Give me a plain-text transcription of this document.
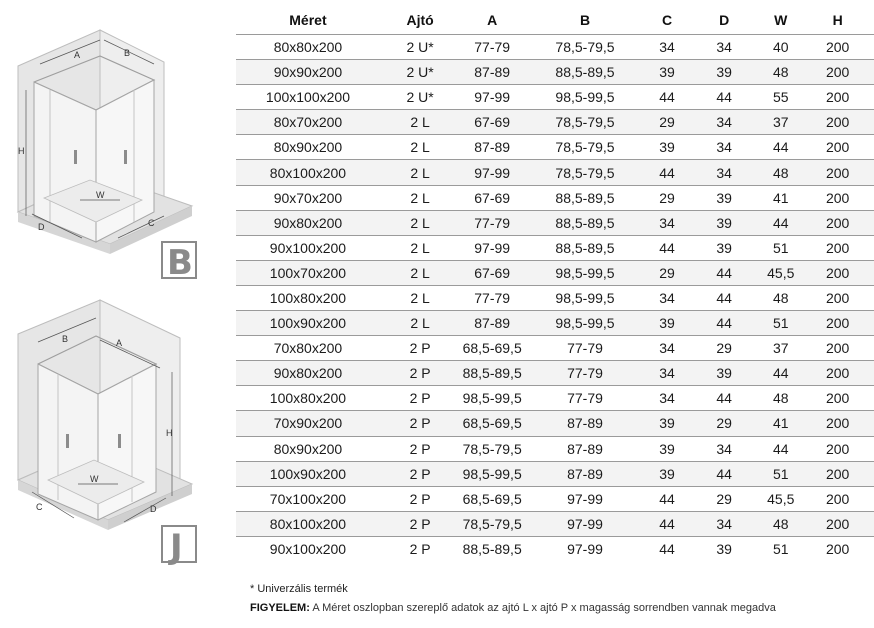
A	B
H
W
D	C
B
B	A
H
W
C	D
J
Méret	Ajtó	A	B	C	D	W	H
80x80x200	2 U*	77-79	78,5-79,5	34	34	40	200
90x90x200	2 U*	87-89	88,5-89,5	39	39	48	200
100x100x200	2 U*	97-99	98,5-99,5	44	44	55	200
80x70x200	2 L	67-69	78,5-79,5	29	34	37	200
80x90x200	2 L	87-89	78,5-79,5	39	34	44	200
80x100x200	2 L	97-99	78,5-79,5	44	34	48	200
90x70x200	2 L	67-69	88,5-89,5	29	39	41	200
90x80x200	2 L	77-79	88,5-89,5	34	39	44	200
90x100x200	2 L	97-99	88,5-89,5	44	39	51	200
100x70x200	2 L	67-69	98,5-99,5	29	44	45,5	200
100x80x200	2 L	77-79	98,5-99,5	34	44	48	200
100x90x200	2 L	87-89	98,5-99,5	39	44	51	200
70x80x200	2 P	68,5-69,5	77-79	34	29	37	200
90x80x200	2 P	88,5-89,5	77-79	34	39	44	200
100x80x200	2 P	98,5-99,5	77-79	34	44	48	200
70x90x200	2 P	68,5-69,5	87-89	39	29	41	200
80x90x200	2 P	78,5-79,5	87-89	39	34	44	200
100x90x200	2 P	98,5-99,5	87-89	39	44	51	200
70x100x200	2 P	68,5-69,5	97-99	44	29	45,5	200
80x100x200	2 P	78,5-79,5	97-99	44	34	48	200
90x100x200	2 P	88,5-89,5	97-99	44	39	51	200
* Univerzális termék
FIGYELEM: A Méret oszlopban szereplő adatok az ajtó L x ajtó P x magasság sorrendben vannak megadva
